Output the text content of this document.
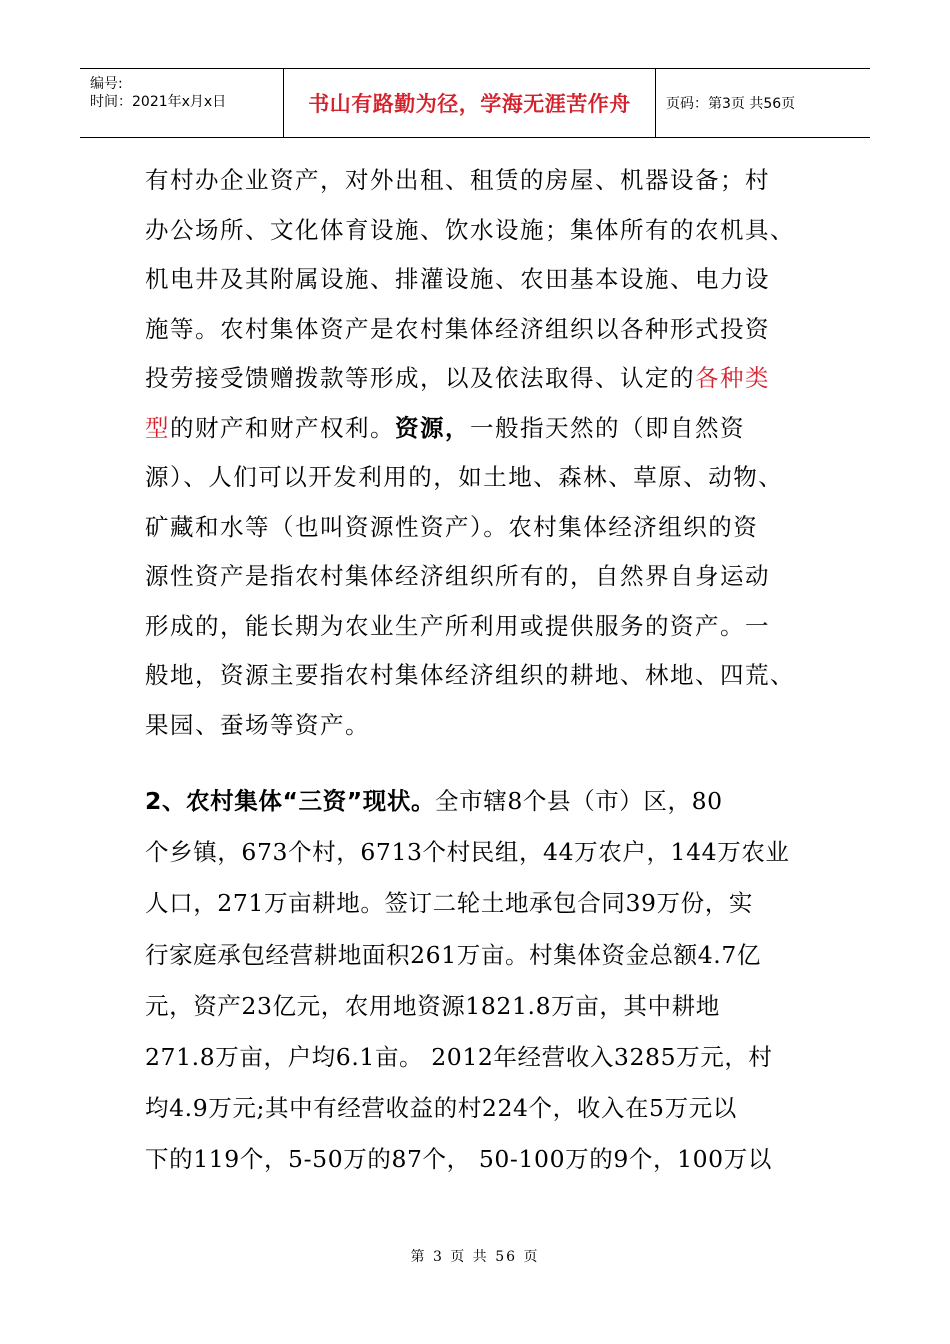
编号:
时间：2021年x月x日	书山有路勤为径，学海无涯苦作舟	页码：第3页 共56页
有村办企业资产，对外出租、租赁的房屋、机器设备；村
办公场所、文化体育设施、饮水设施；集体所有的农机具、
机电井及其附属设施、排灌设施、农田基本设施、电力设
施等。农村集体资产是农村集体经济组织以各种形式投资
投劳接受馈赠拨款等形成，以及依法取得、认定的各种类
型的财产和财产权利。资源，一般指天然的（即自然资
源）、人们可以开发利用的，如土地、森林、草原、动物、
矿藏和水等（也叫资源性资产）。农村集体经济组织的资
源性资产是指农村集体经济组织所有的，自然界自身运动
形成的，能长期为农业生产所利用或提供服务的资产。一
般地，资源主要指农村集体经济组织的耕地、林地、四荒、
果园、蚕场等资产。
2、农村集体“三资”现状。全市辖8个县（市）区，80
个乡镇，673个村，6713个村民组，44万农户，144万农业
人口，271万亩耕地。签订二轮土地承包合同39万份，实
行家庭承包经营耕地面积261万亩。村集体资金总额4.7亿
元，资产23亿元，农用地资源1821.8万亩，其中耕地
271.8万亩，户均6.1亩。 2012年经营收入3285万元，村
均4.9万元;其中有经营收益的村224个，收入在5万元以
下的119个，5-50万的87个， 50-100万的9个，100万以
第 3 页 共 56 页
